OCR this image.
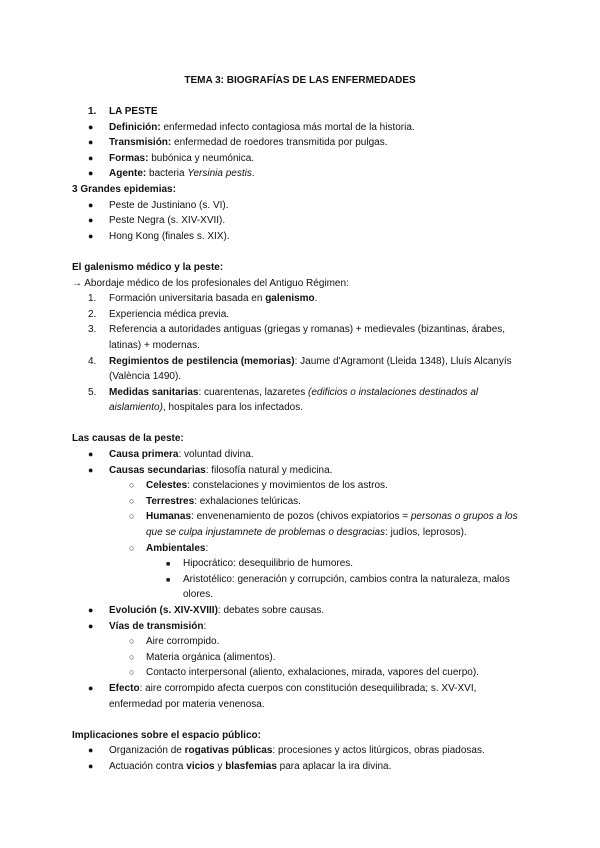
TEMA 3: BIOGRAFÍAS DE LAS ENFERMEDADES
1. LA PESTE
● Definición: enfermedad infecto contagiosa más mortal de la historia.
● Transmisión: enfermedad de roedores transmitida por pulgas.
● Formas: bubónica y neumónica.
● Agente: bacteria Yersinia pestis.
3 Grandes epidemias:
● Peste de Justiniano (s. VI).
● Peste Negra (s. XIV-XVII).
● Hong Kong (finales s. XIX).
El galenismo médico y la peste:
→ Abordaje médico de los profesionales del Antiguo Régimen:
1. Formación universitaria basada en galenismo.
2. Experiencia médica previa.
3. Referencia a autoridades antiguas (griegas y romanas) + medievales (bizantinas, árabes,
latinas) + modernas.
4. Regimientos de pestilencia (memorias): Jaume d'Agramont (Lleida 1348), Lluís Alcanyís
(València 1490).
5. Medidas sanitarias: cuarentenas, lazaretes (edificios o instalaciones destinados al
aislamiento), hospitales para los infectados.
Las causas de la peste:
● Causa primera: voluntad divina.
● Causas secundarias: filosofía natural y medicina.
○ Celestes: constelaciones y movimientos de los astros.
○ Terrestres: exhalaciones telúricas.
○ Humanas: envenenamiento de pozos (chivos expiatorios = personas o grupos a los
que se culpa injustamnete de problemas o desgracias: judíos, leprosos).
○ Ambientales:
■ Hipocrático: desequilibrio de humores.
■ Aristotélico: generación y corrupción, cambios contra la naturaleza, malos
olores.
● Evolución (s. XIV-XVIII): debates sobre causas.
● Vías de transmisión:
○ Aire corrompido.
○ Materia orgánica (alimentos).
○ Contacto interpersonal (aliento, exhalaciones, mirada, vapores del cuerpo).
● Efecto: aire corrompido afecta cuerpos con constitución desequilibrada; s. XV-XVI,
enfermedad por materia venenosa.
Implicaciones sobre el espacio público:
● Organización de rogativas públicas: procesiones y actos litúrgicos, obras piadosas.
● Actuación contra vicios y blasfemias para aplacar la ira divina.
